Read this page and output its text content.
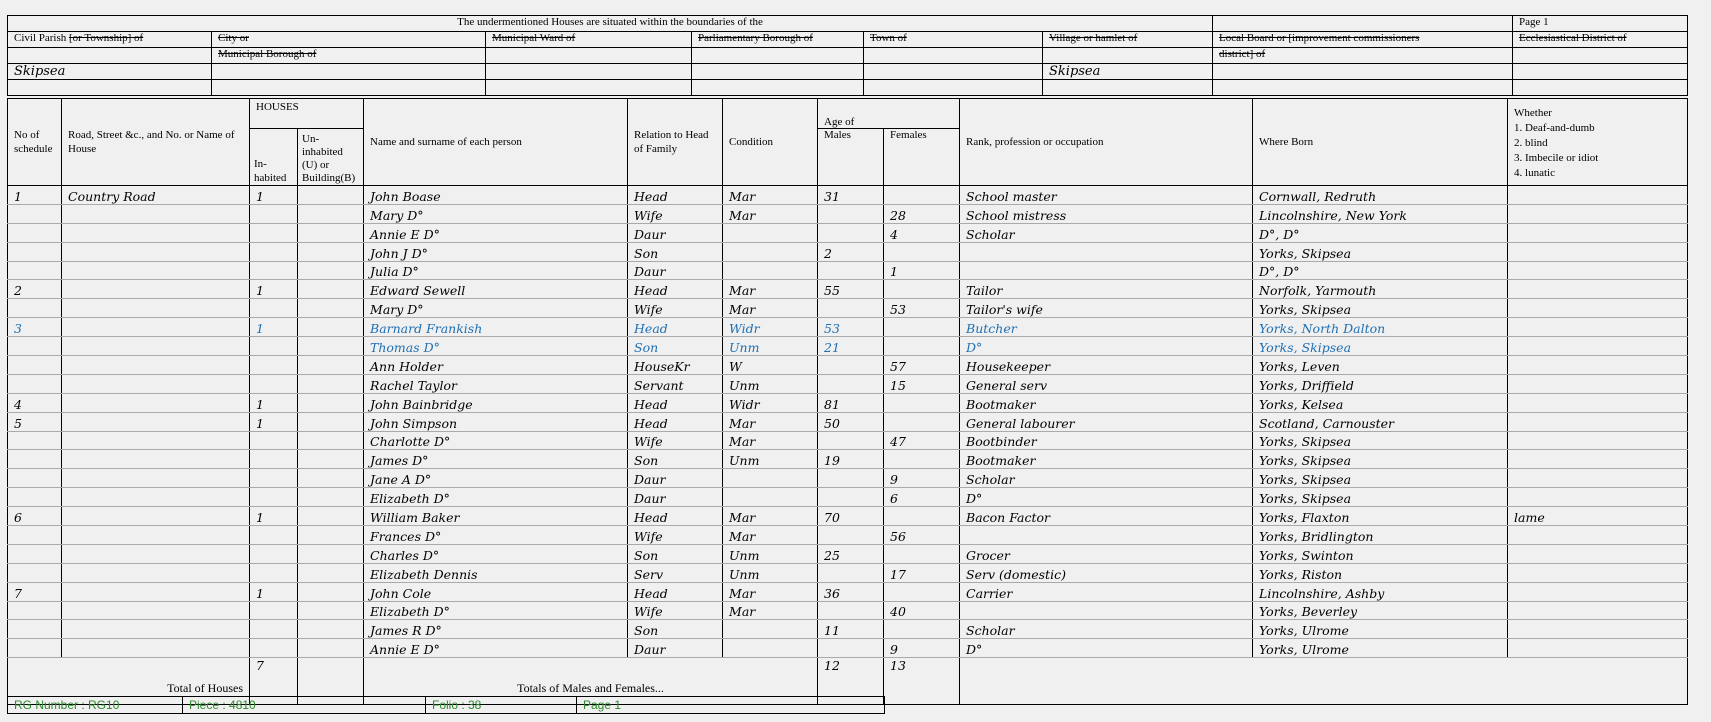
The undermentioned Houses are situated within the boundaries of the							Page 1
Civil Parish [or Township] of	City or	Municipal Ward of	Parliamentary Borough of	Town of	Village or hamlet of	Local Board or [improvement commissioners	Ecclesiastical District of
	Municipal Borough of					district] of	
Skipsea					Skipsea		

No of schedule	Road, Street &c., and No. or Name of House	HOUSES		Name and surname of each person	Relation to Head of Family	Condition	Age of		Rank, profession or occupation	Where Born	Whether
1. Deaf-and-dumb
2. blind
3. Imbecile or idiot
4. lunatic

		In-habited	Un-inhabited (U) or Building(B)				Males	Females			
1	Country Road	1		John Boase	Head	Mar	31		School master	Cornwall, Redruth	
				Mary D°	Wife	Mar		28	School mistress	Lincolnshire, New York	
				Annie E D°	Daur			4	Scholar	D°, D°	
				John J D°	Son		2			Yorks, Skipsea	
				Julia D°	Daur			1		D°, D°	
2		1		Edward Sewell	Head	Mar	55		Tailor	Norfolk, Yarmouth	
				Mary D°	Wife	Mar		53	Tailor's wife	Yorks, Skipsea	
3		1		Barnard Frankish	Head	Widr	53		Butcher	Yorks, North Dalton	
				Thomas D°	Son	Unm	21		D°	Yorks, Skipsea	
				Ann Holder	HouseKr	W		57	Housekeeper	Yorks, Leven	
				Rachel Taylor	Servant	Unm		15	General serv	Yorks, Driffield	
4		1		John Bainbridge	Head	Widr	81		Bootmaker	Yorks, Kelsea	
5		1		John Simpson	Head	Mar	50		General labourer	Scotland, Carnouster	
				Charlotte D°	Wife	Mar		47	Bootbinder	Yorks, Skipsea	
				James D°	Son	Unm	19		Bootmaker	Yorks, Skipsea	
				Jane A D°	Daur			9	Scholar	Yorks, Skipsea	
				Elizabeth D°	Daur			6	D°	Yorks, Skipsea	
6		1		William Baker	Head	Mar	70		Bacon Factor	Yorks, Flaxton	lame
				Frances D°	Wife	Mar		56		Yorks, Bridlington	
				Charles D°	Son	Unm	25		Grocer	Yorks, Swinton	
				Elizabeth Dennis	Serv	Unm		17	Serv (domestic)	Yorks, Riston	
7		1		John Cole	Head	Mar	36		Carrier	Lincolnshire, Ashby	
				Elizabeth D°	Wife	Mar		40		Yorks, Beverley	
				James R D°	Son		11		Scholar	Yorks, Ulrome	
				Annie E D°	Daur			9	D°	Yorks, Ulrome	
Total of Houses		7		Totals of Males and Females...			12	13			
RG Number : RG10	Piece : 4810	Folio : 38	Page 1
